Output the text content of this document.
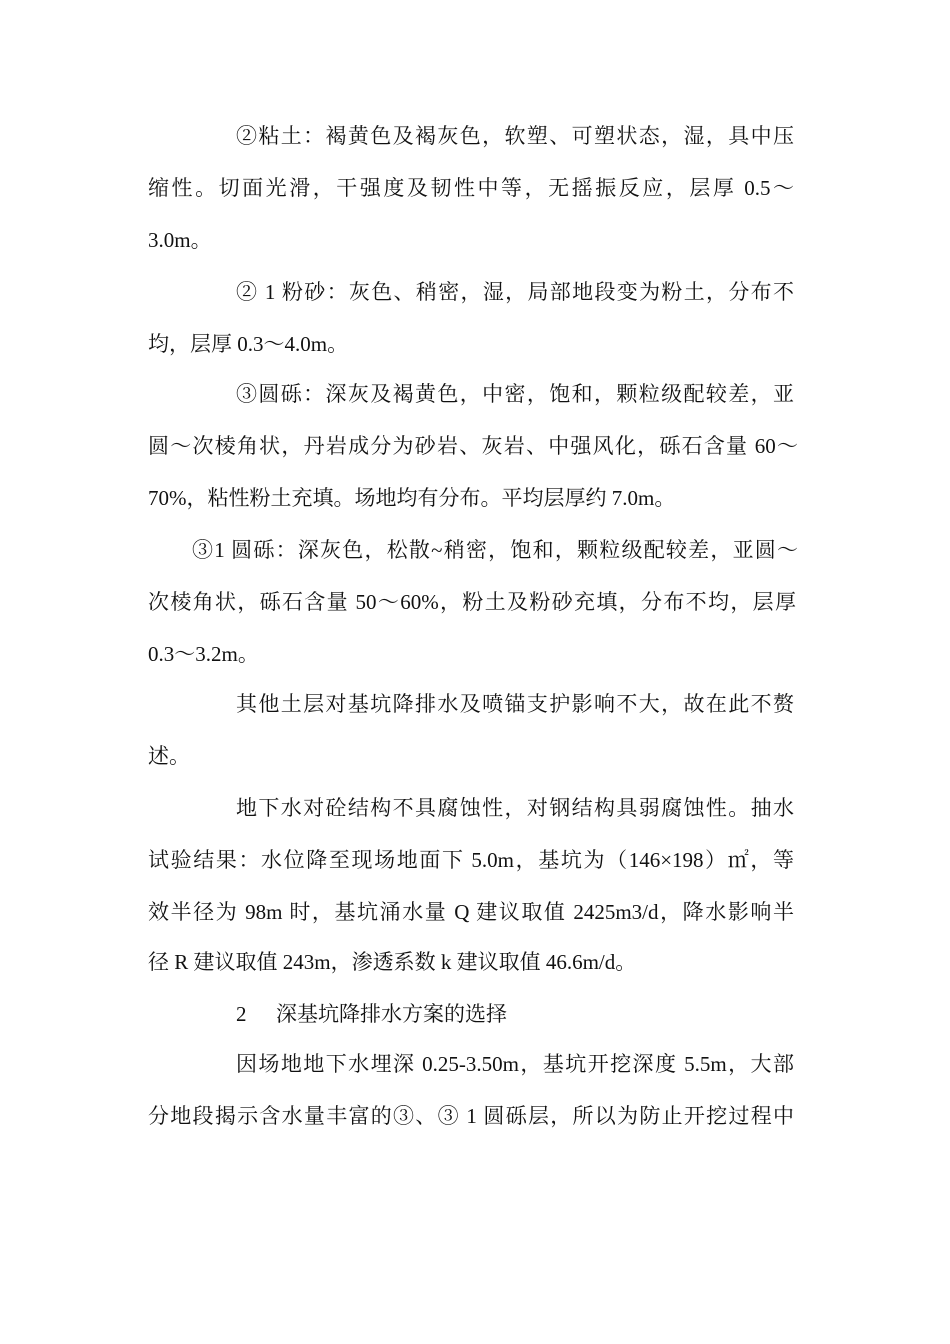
②粘土：褐黄色及褐灰色，软塑、可塑状态，湿，具中压
缩性。切面光滑，干强度及韧性中等，无摇振反应，层厚 0.5～
3.0m。
② 1 粉砂：灰色、稍密，湿，局部地段变为粉土，分布不
均，层厚 0.3～4.0m。
③圆砾：深灰及褐黄色，中密，饱和，颗粒级配较差，亚
圆～次棱角状，丹岩成分为砂岩、灰岩、中强风化，砾石含量 60～
70%，粘性粉土充填。场地均有分布。平均层厚约 7.0m。
③1 圆砾：深灰色，松散~稍密，饱和，颗粒级配较差，亚圆～
次棱角状，砾石含量 50～60%，粉土及粉砂充填，分布不均，层厚
0.3～3.2m。
其他土层对基坑降排水及喷锚支护影响不大，故在此不赘
述。
地下水对砼结构不具腐蚀性，对钢结构具弱腐蚀性。抽水
试验结果：水位降至现场地面下 5.0m，基坑为（146×198）㎡，等
效半径为 98m 时，基坑涌水量 Q 建议取值 2425m3/d，降水影响半
径 R 建议取值 243m，渗透系数 k 建议取值 46.6m/d。
2 深基坑降排水方案的选择
因场地地下水埋深 0.25-3.50m，基坑开挖深度 5.5m，大部
分地段揭示含水量丰富的③、③ 1 圆砾层，所以为防止开挖过程中
